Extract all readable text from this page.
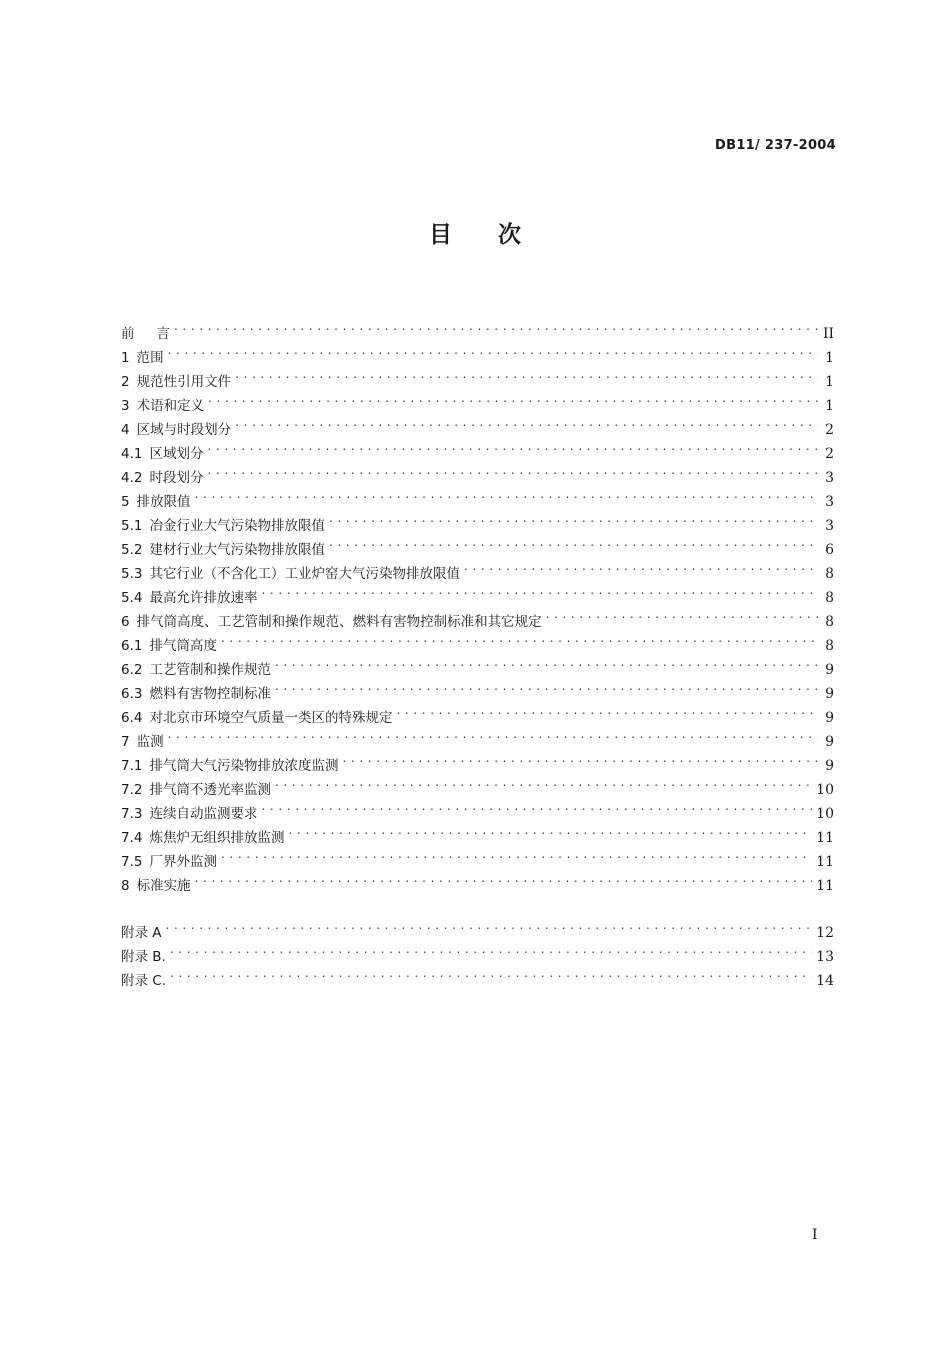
DB11/ 237-2004
目 次
前 言 . . .	II
1 范围 . . .	1
2 规范性引用文件 . . .	1
3 术语和定义 . . .	1
4 区域与时段划分 . . .	2
4.1 区域划分 . . .	2
4.2 时段划分 . . .	3
5 排放限值 . . .	3
5.1 冶金行业大气污染物排放限值 . . .	3
5.2 建材行业大气污染物排放限值 . . .	6
5.3 其它行业（不含化工）工业炉窑大气污染物排放限值 . . .	8
5.4 最高允许排放速率 . . .	8
6 排气筒高度、工艺管制和操作规范、燃料有害物控制标准和其它规定 . . .	8
6.1 排气筒高度 . . .	8
6.2 工艺管制和操作规范 . . .	9
6.3 燃料有害物控制标准 . . .	9
6.4 对北京市环境空气质量一类区的特殊规定 . . .	9
7 监测 . . .	9
7.1 排气筒大气污染物排放浓度监测 . . .	9
7.2 排气筒不透光率监测 . . .	10
7.3 连续自动监测要求 . . .	10
7.4 炼焦炉无组织排放监测 . . .	11
7.5 厂界外监测 . . .	11
8 标准实施 . . .	11
附录 A . . .	12
附录 B. . . .	13
附录 C. . . .	14
I
